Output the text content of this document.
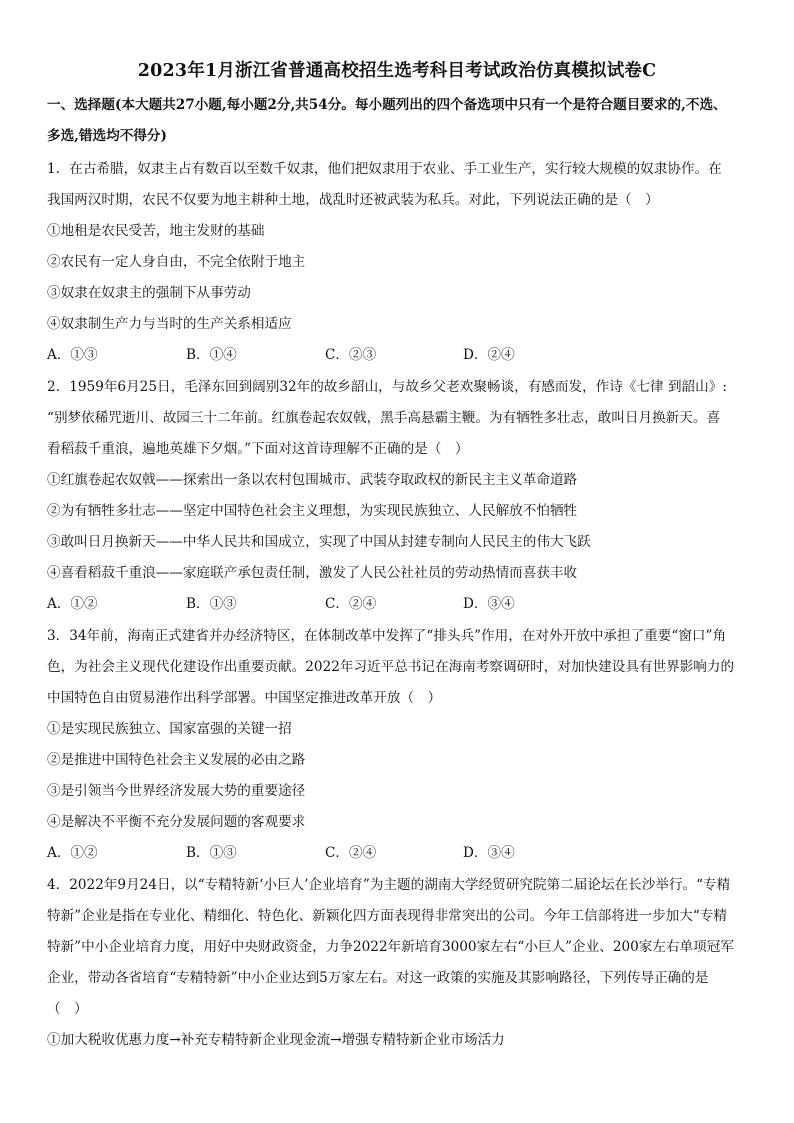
2023年1月浙江省普通高校招生选考科目考试政治仿真模拟试卷C
一、选择题(本大题共27小题,每小题2分,共54分。每小题列出的四个备选项中只有一个是符合题目要求的,不选、
多选,错选均不得分)
1．在古希腊，奴隶主占有数百以至数千奴隶，他们把奴隶用于农业、手工业生产，实行较大规模的奴隶协作。在
我国两汉时期，农民不仅要为地主耕种土地，战乱时还被武装为私兵。对此，下列说法正确的是（　）
①地租是农民受苦，地主发财的基础
②农民有一定人身自由，不完全依附于地主
③奴隶在奴隶主的强制下从事劳动
④奴隶制生产力与当时的生产关系相适应
A．①③	B．①④	C．②③	D．②④
2．1959年6月25日，毛泽东回到阔别32年的故乡韶山，与故乡父老欢聚畅谈，有感而发，作诗《七律 到韶山》:
“别梦依稀咒逝川、故园三十二年前。红旗卷起农奴戟，黑手高悬霸主鞭。为有牺牲多壮志，敢叫日月换新天。喜
看稻菽千重浪，遍地英雄下夕烟。”下面对这首诗理解不正确的是（　）
①红旗卷起农奴戟——探索出一条以农村包围城市、武装夺取政权的新民主主义革命道路
②为有牺牲多壮志——坚定中国特色社会主义理想，为实现民族独立、人民解放不怕牺牲
③敢叫日月换新天——中华人民共和国成立，实现了中国从封建专制向人民民主的伟大飞跃
④喜看稻菽千重浪——家庭联产承包责任制，激发了人民公社社员的劳动热情而喜获丰收
A．①②	B．①③	C．②④	D．③④
3．34年前，海南正式建省并办经济特区，在体制改革中发挥了“排头兵”作用，在对外开放中承担了重要“窗口”角
色，为社会主义现代化建设作出重要贡献。2022年习近平总书记在海南考察调研时，对加快建设具有世界影响力的
中国特色自由贸易港作出科学部署。中国坚定推进改革开放（　）
①是实现民族独立、国家富强的关键一招
②是推进中国特色社会主义发展的必由之路
③是引领当今世界经济发展大势的重要途径
④是解决不平衡不充分发展问题的客观要求
A．①②	B．①③	C．②④	D．③④
4．2022年9月24日，以“专精特新‘小巨人’企业培育”为主题的湖南大学经贸研究院第二届论坛在长沙举行。“专精
特新”企业是指在专业化、精细化、特色化、新颖化四方面表现得非常突出的公司。今年工信部将进一步加大“专精
特新”中小企业培育力度，用好中央财政资金，力争2022年新培育3000家左右“小巨人”企业、200家左右单项冠军
企业，带动各省培育“专精特新”中小企业达到5万家左右。对这一政策的实施及其影响路径，下列传导正确的是
（　）
①加大税收优惠力度→补充专精特新企业现金流→增强专精特新企业市场活力
